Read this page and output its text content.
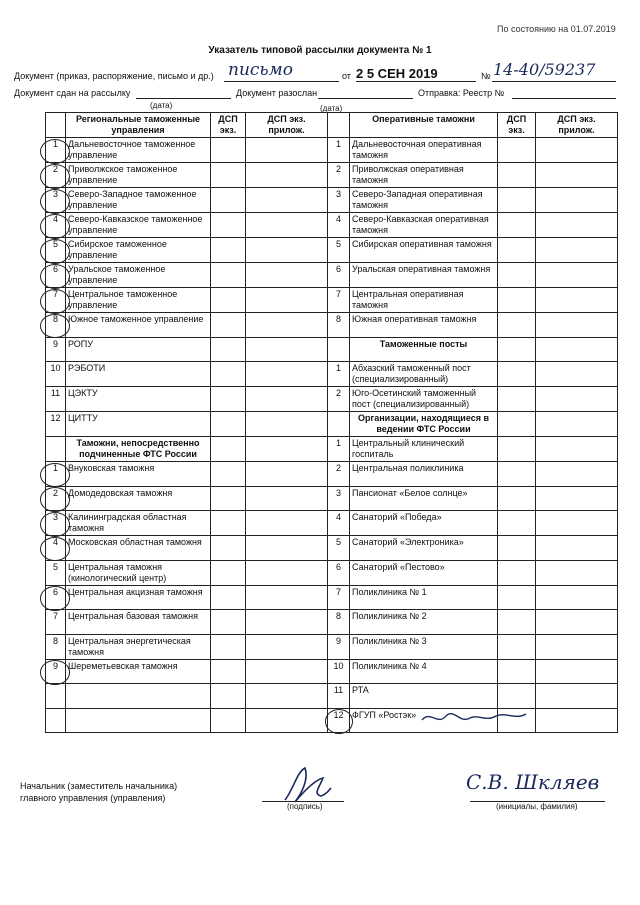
По состоянию на 01.07.2019
Указатель типовой рассылки документа № 1
Документ (приказ, распоряжение, письмо и др.) письмо	от 2 5 СЕН 2019	№ 14-40/59237
Документ сдан на рассылку	Документ разослан	Отправка: Реестр №
(дата)	(дата)
	Региональные таможенные управления	ДСП экз.	ДСП экз. прилож.		Оперативные таможни	ДСП экз.	ДСП экз. прилож.
1	Дальневосточное таможенное управление			1	Дальневосточная оперативная таможня		
2	Приволжское таможенное управление			2	Приволжская оперативная таможня		
3	Северо-Западное таможенное управление			3	Северо-Западная оперативная таможня		
4	Северо-Кавказское таможенное управление			4	Северо-Кавказская оперативная таможня		
5	Сибирское таможенное управление			5	Сибирская оперативная таможня		
6	Уральское таможенное управление			6	Уральская оперативная таможня		
7	Центральное таможенное управление			7	Центральная оперативная таможня		
8	Южное таможенное управление			8	Южная оперативная таможня		
9	РОПУ				Таможенные посты		
10	РЭБОТИ			1	Абхазский таможенный пост (специализированный)		
11	ЦЭКТУ			2	Юго-Осетинский таможенный пост (специализированный)		
12	ЦИТТУ				Организации, находящиеся в ведении ФТС России		
	Таможни, непосредственно подчиненные ФТС России			1	Центральный клинический госпиталь		
1	Внуковская таможня			2	Центральная поликлиника		
2	Домодедовская таможня			3	Пансионат «Белое солнце»		
3	Калининградская областная таможня			4	Санаторий «Победа»		
4	Московская областная таможня			5	Санаторий «Электроника»		
5	Центральная таможня (кинологический центр)			6	Санаторий «Пестово»		
6	Центральная акцизная таможня			7	Поликлиника № 1		
7	Центральная базовая таможня			8	Поликлиника № 2		
8	Центральная энергетическая таможня			9	Поликлиника № 3		
9	Шереметьевская таможня			10	Поликлиника № 4		
				11	РТА		
				12	ФГУП «Ростэк»		
Начальник (заместитель начальника) главного управления (управления)
(подпись)
С.В. Шкляев
(инициалы, фамилия)
